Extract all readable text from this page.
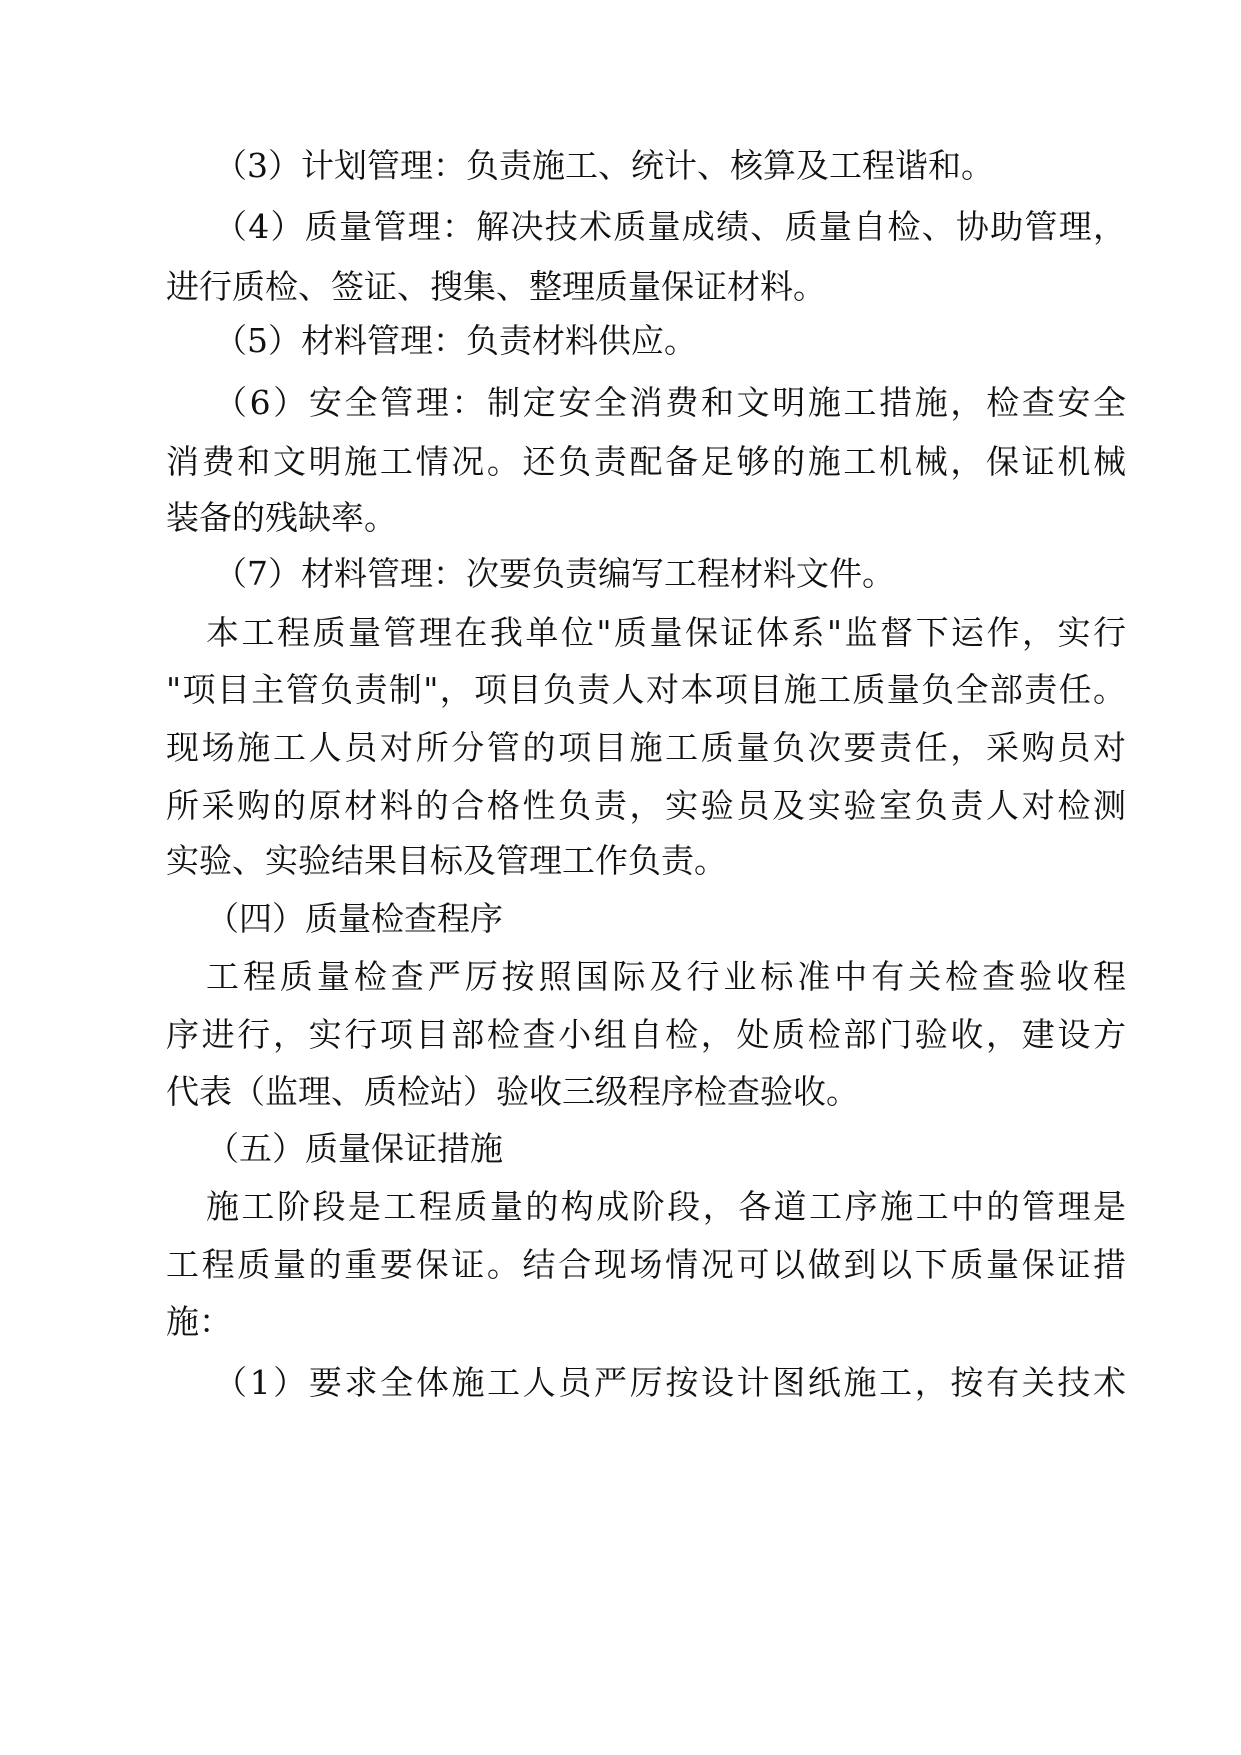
（3）计划管理：负责施工、统计、核算及工程谐和。
（4）质量管理：解决技术质量成绩、质量自检、协助管理，
进行质检、签证、搜集、整理质量保证材料。
（5）材料管理：负责材料供应。
（6）安全管理：制定安全消费和文明施工措施，检查安全
消费和文明施工情况。还负责配备足够的施工机械，保证机械
装备的残缺率。
（7）材料管理：次要负责编写工程材料文件。
本工程质量管理在我单位"质量保证体系"监督下运作，实行
"项目主管负责制"，项目负责人对本项目施工质量负全部责任。
现场施工人员对所分管的项目施工质量负次要责任，采购员对
所采购的原材料的合格性负责，实验员及实验室负责人对检测
实验、实验结果目标及管理工作负责。
（四）质量检查程序
工程质量检查严厉按照国际及行业标准中有关检查验收程
序进行，实行项目部检查小组自检，处质检部门验收，建设方
代表（监理、质检站）验收三级程序检查验收。
（五）质量保证措施
施工阶段是工程质量的构成阶段，各道工序施工中的管理是
工程质量的重要保证。结合现场情况可以做到以下质量保证措
施：
（1）要求全体施工人员严厉按设计图纸施工，按有关技术
